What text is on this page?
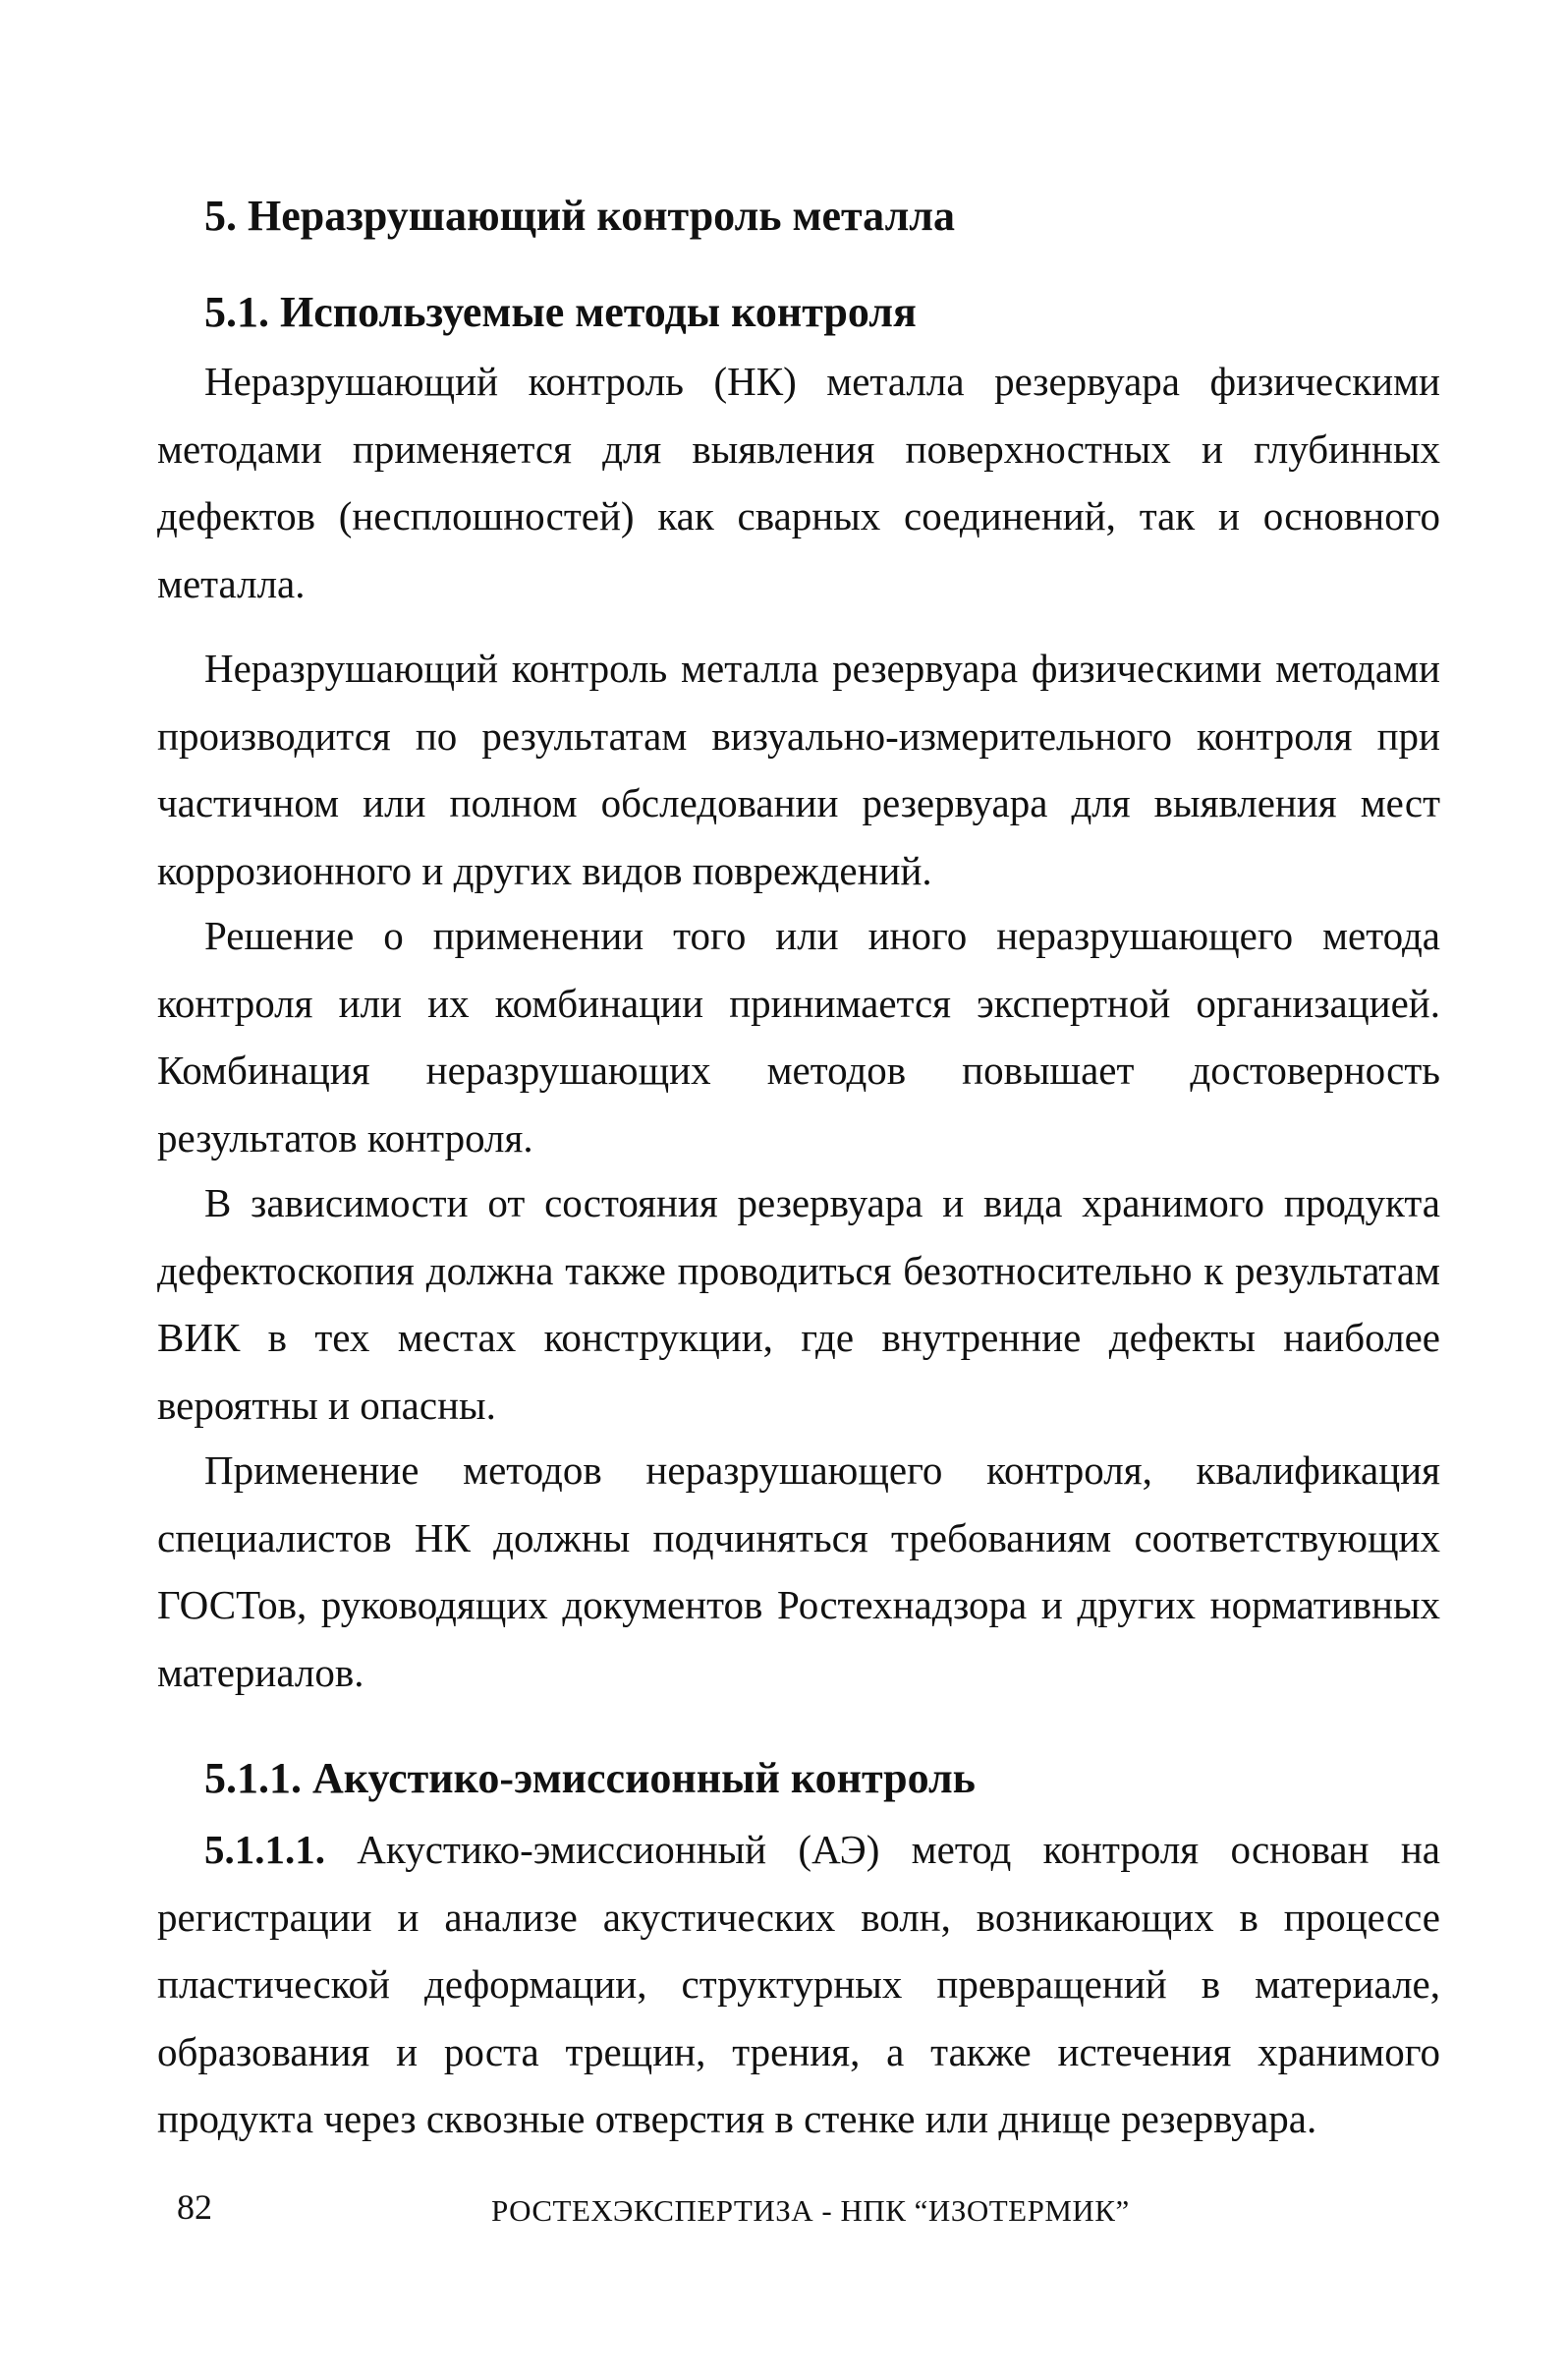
5. Неразрушающий контроль металла
5.1. Используемые методы контроля

Неразрушающий контроль (НК) металла резервуара физическими методами применяется для выявления поверхностных и глубинных дефектов (несплошностей) как сварных соединений, так и основного металла.

Неразрушающий контроль металла резервуара физическими методами производится по результатам визуально-измерительного контроля при частичном или полном обследовании резервуара для выявления мест коррозионного и других видов повреждений.

Решение о применении того или иного неразрушающего метода контроля или их комбинации принимается экспертной организацией. Комбинация неразрушающих методов повышает достоверность результатов контроля.

В зависимости от состояния резервуара и вида хранимого продукта дефектоскопия должна также проводиться безотносительно к результатам ВИК в тех местах конструкции, где внутренние дефекты наиболее вероятны и опасны.

Применение методов неразрушающего контроля, квалификация специалистов НК должны подчиняться требованиям соответствующих ГОСТов, руководящих документов Ростехнадзора и других нормативных материалов.

5.1.1. Акустико-эмиссионный контроль

5.1.1.1. Акустико-эмиссионный (АЭ) метод контроля основан на регистрации и анализе акустических волн, возникающих в процессе пластической деформации, структурных превращений в материале, образования и роста трещин, трения, а также истечения хранимого продукта через сквозные отверстия в стенке или днище резервуара.

82	РОСТЕХЭКСПЕРТИЗА - НПК “ИЗОТЕРМИК”
